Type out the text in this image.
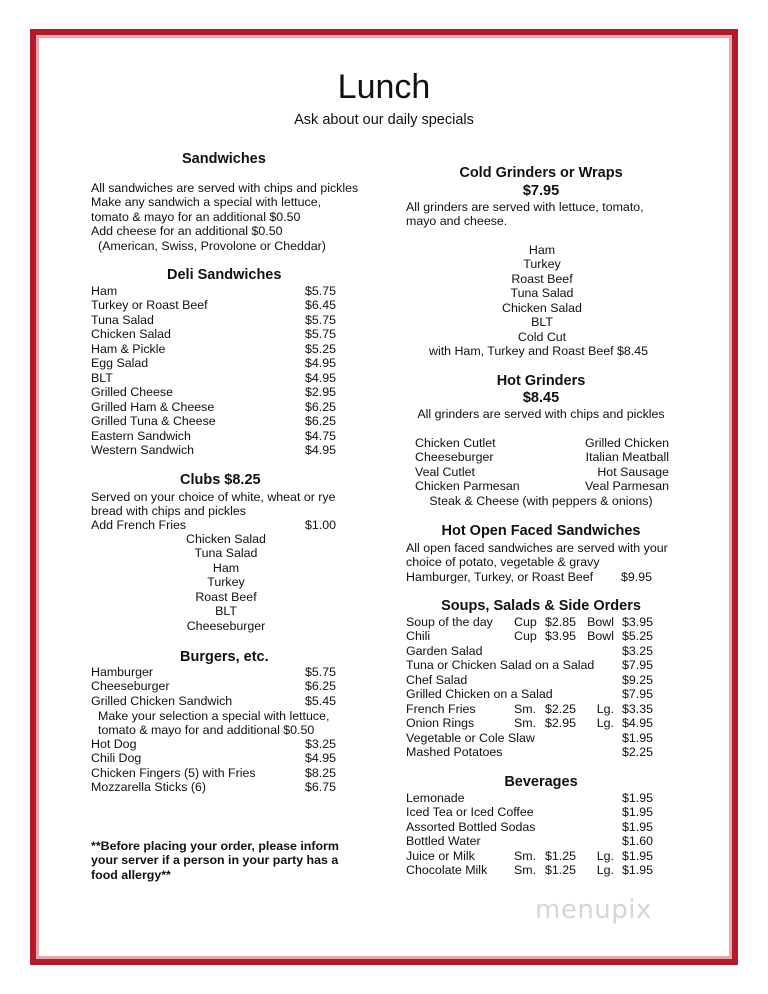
Lunch
Ask about our daily specials
Sandwiches
All sandwiches are served with chips and pickles
Make any sandwich a special with lettuce,
tomato & mayo for an additional $0.50
Add cheese for an additional $0.50
(American, Swiss, Provolone or Cheddar)
Deli Sandwiches
Ham	$5.75
Turkey or Roast Beef	$6.45
Tuna Salad	$5.75
Chicken Salad	$5.75
Ham & Pickle	$5.25
Egg Salad	$4.95
BLT	$4.95
Grilled Cheese	$2.95
Grilled Ham & Cheese	$6.25
Grilled Tuna & Cheese	$6.25
Eastern Sandwich	$4.75
Western Sandwich	$4.95
Clubs $8.25
Served on your choice of white, wheat or rye
bread with chips and pickles
Add French Fries	$1.00
Chicken Salad
Tuna Salad
Ham
Turkey
Roast Beef
BLT
Cheeseburger
Burgers, etc.
Hamburger	$5.75
Cheeseburger	$6.25
Grilled Chicken Sandwich	$5.45
Make your selection a special with lettuce,
tomato & mayo for and additional $0.50
Hot Dog	$3.25
Chili Dog	$4.95
Chicken Fingers (5) with Fries	$8.25
Mozzarella Sticks (6)	$6.75
**Before placing your order, please inform
your server if a person in your party has a
food allergy**
Cold Grinders or Wraps
$7.95
All grinders are served with lettuce, tomato,
mayo and cheese.
Ham
Turkey
Roast Beef
Tuna Salad
Chicken Salad
BLT
Cold Cut
with Ham, Turkey and Roast Beef $8.45
Hot Grinders
$8.45
All grinders are served with chips and pickles
Chicken Cutlet	Grilled Chicken
Cheeseburger	Italian Meatball
Veal Cutlet	Hot Sausage
Chicken Parmesan	Veal Parmesan
Steak & Cheese (with peppers & onions)
Hot Open Faced Sandwiches
All open faced sandwiches are served with your
choice of potato, vegetable & gravy
Hamburger, Turkey, or Roast Beef $9.95
Soups, Salads & Side Orders
Soup of the day Cup $2.85 Bowl $3.95
Chili	Cup $3.95 Bowl $5.25
Garden Salad	$3.25
Tuna or Chicken Salad on a Salad	$7.95
Chef Salad	$9.25
Grilled Chicken on a Salad	$7.95
French Fries	Sm. $2.25	Lg. $3.35
Onion Rings	Sm. $2.95	Lg. $4.95
Vegetable or Cole Slaw	$1.95
Mashed Potatoes	$2.25
Beverages
Lemonade	$1.95
Iced Tea or Iced Coffee	$1.95
Assorted Bottled Sodas	$1.95
Bottled Water	$1.60
Juice or Milk	Sm. $1.25	Lg. $1.95
Chocolate Milk Sm. $1.25	Lg. $1.95
menupix
